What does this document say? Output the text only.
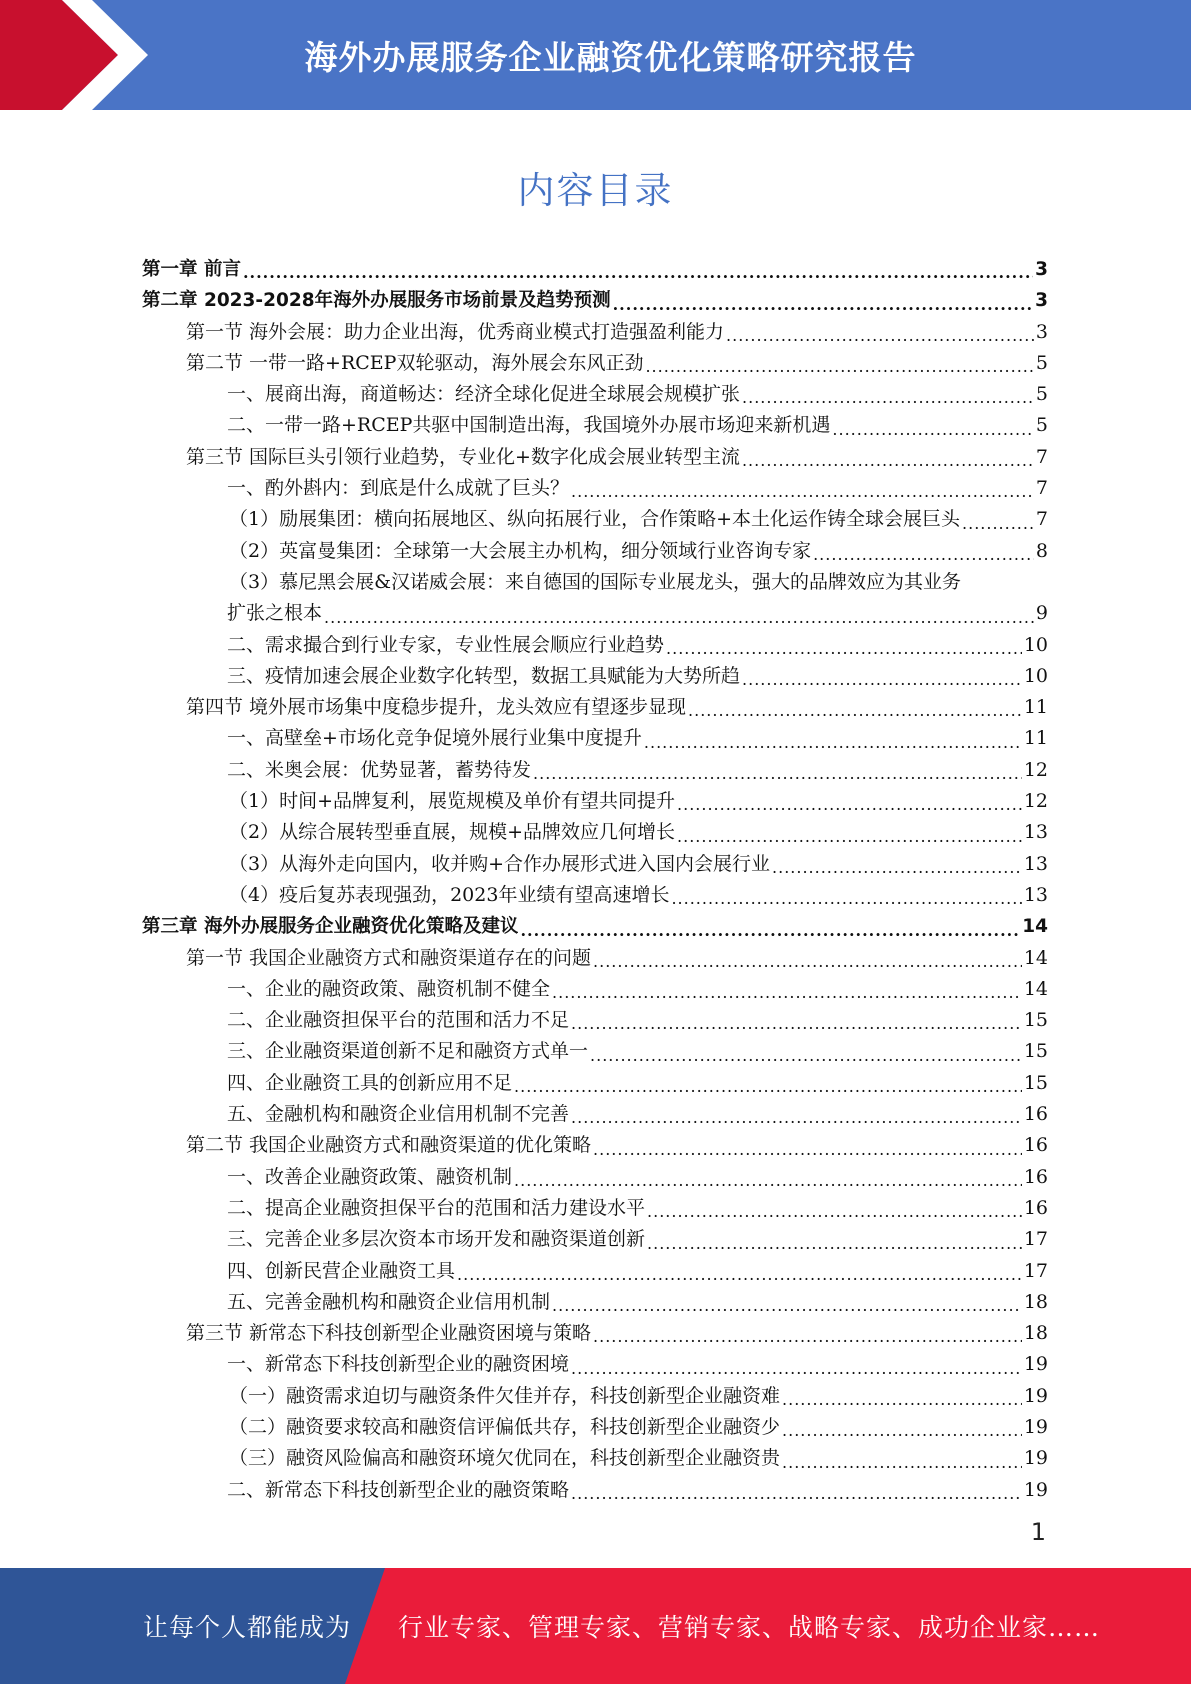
海外办展服务企业融资优化策略研究报告
内容目录
第一章 前言 .....	3
第二章 2023-2028年海外办展服务市场前景及趋势预测 .....	3
第一节 海外会展：助力企业出海，优秀商业模式打造强盈利能力 .....	3
第二节 一带一路+RCEP双轮驱动，海外展会东风正劲 .....	5
一、展商出海，商道畅达：经济全球化促进全球展会规模扩张 .....	5
二、一带一路+RCEP共驱中国制造出海，我国境外办展市场迎来新机遇 .....	5
第三节 国际巨头引领行业趋势，专业化+数字化成会展业转型主流 .....	7
一、酌外斟内：到底是什么成就了巨头？ .....	7
（1）励展集团：横向拓展地区、纵向拓展行业，合作策略+本土化运作铸全球会展巨头 .....	7
（2）英富曼集团：全球第一大会展主办机构，细分领域行业咨询专家 .....	8
（3）慕尼黑会展&汉诺威会展：来自德国的国际专业展龙头，强大的品牌效应为其业务
扩张之根本 .....	9
二、需求撮合到行业专家，专业性展会顺应行业趋势 .....	10
三、疫情加速会展企业数字化转型，数据工具赋能为大势所趋 .....	10
第四节 境外展市场集中度稳步提升，龙头效应有望逐步显现 .....	11
一、高壁垒+市场化竞争促境外展行业集中度提升 .....	11
二、米奥会展：优势显著，蓄势待发 .....	12
（1）时间+品牌复利，展览规模及单价有望共同提升 .....	12
（2）从综合展转型垂直展，规模+品牌效应几何增长 .....	13
（3）从海外走向国内，收并购+合作办展形式进入国内会展行业 .....	13
（4）疫后复苏表现强劲，2023年业绩有望高速增长 .....	13
第三章 海外办展服务企业融资优化策略及建议 .....	14
第一节 我国企业融资方式和融资渠道存在的问题 .....	14
一、企业的融资政策、融资机制不健全 .....	14
二、企业融资担保平台的范围和活力不足 .....	15
三、企业融资渠道创新不足和融资方式单一 .....	15
四、企业融资工具的创新应用不足 .....	15
五、金融机构和融资企业信用机制不完善 .....	16
第二节 我国企业融资方式和融资渠道的优化策略 .....	16
一、改善企业融资政策、融资机制 .....	16
二、提高企业融资担保平台的范围和活力建设水平 .....	16
三、完善企业多层次资本市场开发和融资渠道创新 .....	17
四、创新民营企业融资工具 .....	17
五、完善金融机构和融资企业信用机制 .....	18
第三节 新常态下科技创新型企业融资困境与策略 .....	18
一、新常态下科技创新型企业的融资困境 .....	19
（一）融资需求迫切与融资条件欠佳并存，科技创新型企业融资难 .....	19
（二）融资要求较高和融资信评偏低共存，科技创新型企业融资少 .....	19
（三）融资风险偏高和融资环境欠优同在，科技创新型企业融资贵 .....	19
二、新常态下科技创新型企业的融资策略 .....	19
1
让每个人都能成为 行业专家、管理专家、营销专家、战略专家、成功企业家……
